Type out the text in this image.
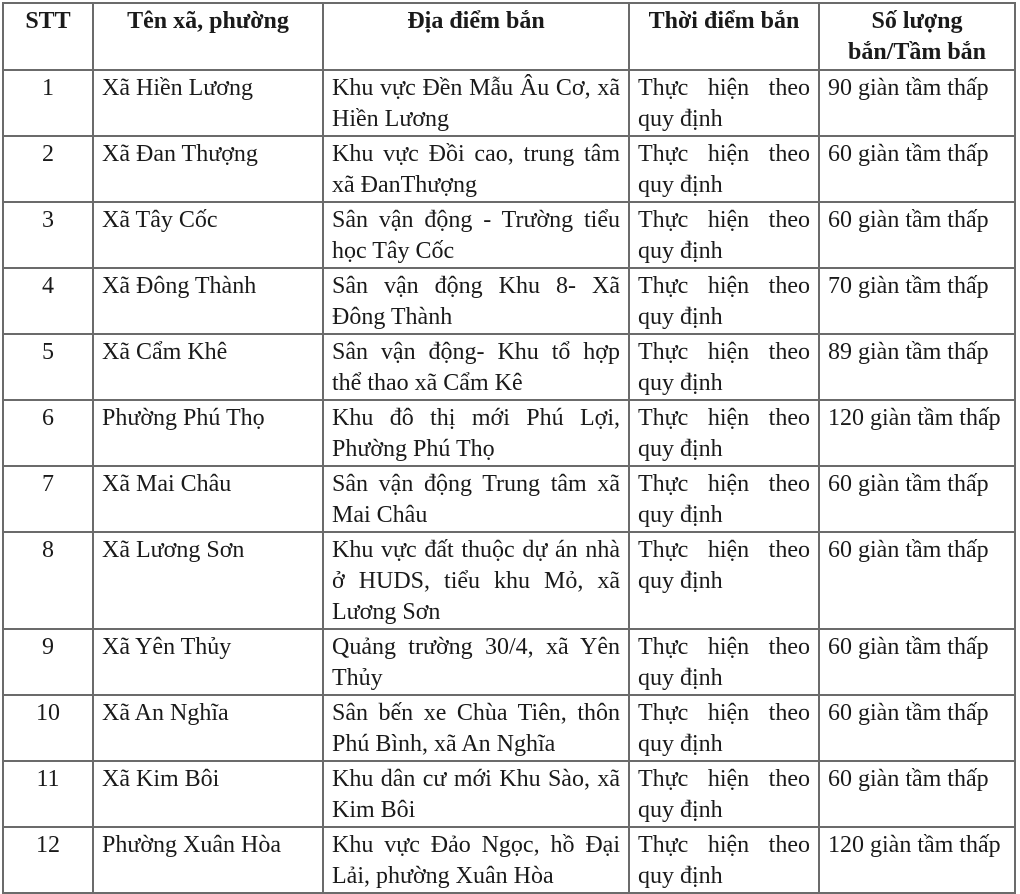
STT	Tên xã, phường	Địa điểm bắn	Thời điểm bắn	Số lượng bắn/Tầm bắn
1	Xã Hiền Lương	Khu vực Đền Mẫu Âu Cơ, xã Hiền Lương	Thực hiện theo quy định	90 giàn tầm thấp
2	Xã Đan Thượng	Khu vực Đồi cao, trung tâm xã ĐanThượng	Thực hiện theo quy định	60 giàn tầm thấp
3	Xã Tây Cốc	Sân vận động - Trường tiểu học Tây Cốc	Thực hiện theo quy định	60 giàn tầm thấp
4	Xã Đông Thành	Sân vận động Khu 8- Xã Đông Thành	Thực hiện theo quy định	70 giàn tầm thấp
5	Xã Cẩm Khê	Sân vận động- Khu tổ hợp thể thao xã Cẩm Kê	Thực hiện theo quy định	89 giàn tầm thấp
6	Phường Phú Thọ	Khu đô thị mới Phú Lợi, Phường Phú Thọ	Thực hiện theo quy định	120 giàn tầm thấp
7	Xã Mai Châu	Sân vận động Trung tâm xã Mai Châu	Thực hiện theo quy định	60 giàn tầm thấp
8	Xã Lương Sơn	Khu vực đất thuộc dự án nhà ở HUDS, tiểu khu Mỏ, xã Lương Sơn	Thực hiện theo quy định	60 giàn tầm thấp
9	Xã Yên Thủy	Quảng trường 30/4, xã Yên Thủy	Thực hiện theo quy định	60 giàn tầm thấp
10	Xã An Nghĩa	Sân bến xe Chùa Tiên, thôn Phú Bình, xã An Nghĩa	Thực hiện theo quy định	60 giàn tầm thấp
11	Xã Kim Bôi	Khu dân cư mới Khu Sào, xã Kim Bôi	Thực hiện theo quy định	60 giàn tầm thấp
12	Phường Xuân Hòa	Khu vực Đảo Ngọc, hồ Đại Lải, phường Xuân Hòa	Thực hiện theo quy định	120 giàn tầm thấp
